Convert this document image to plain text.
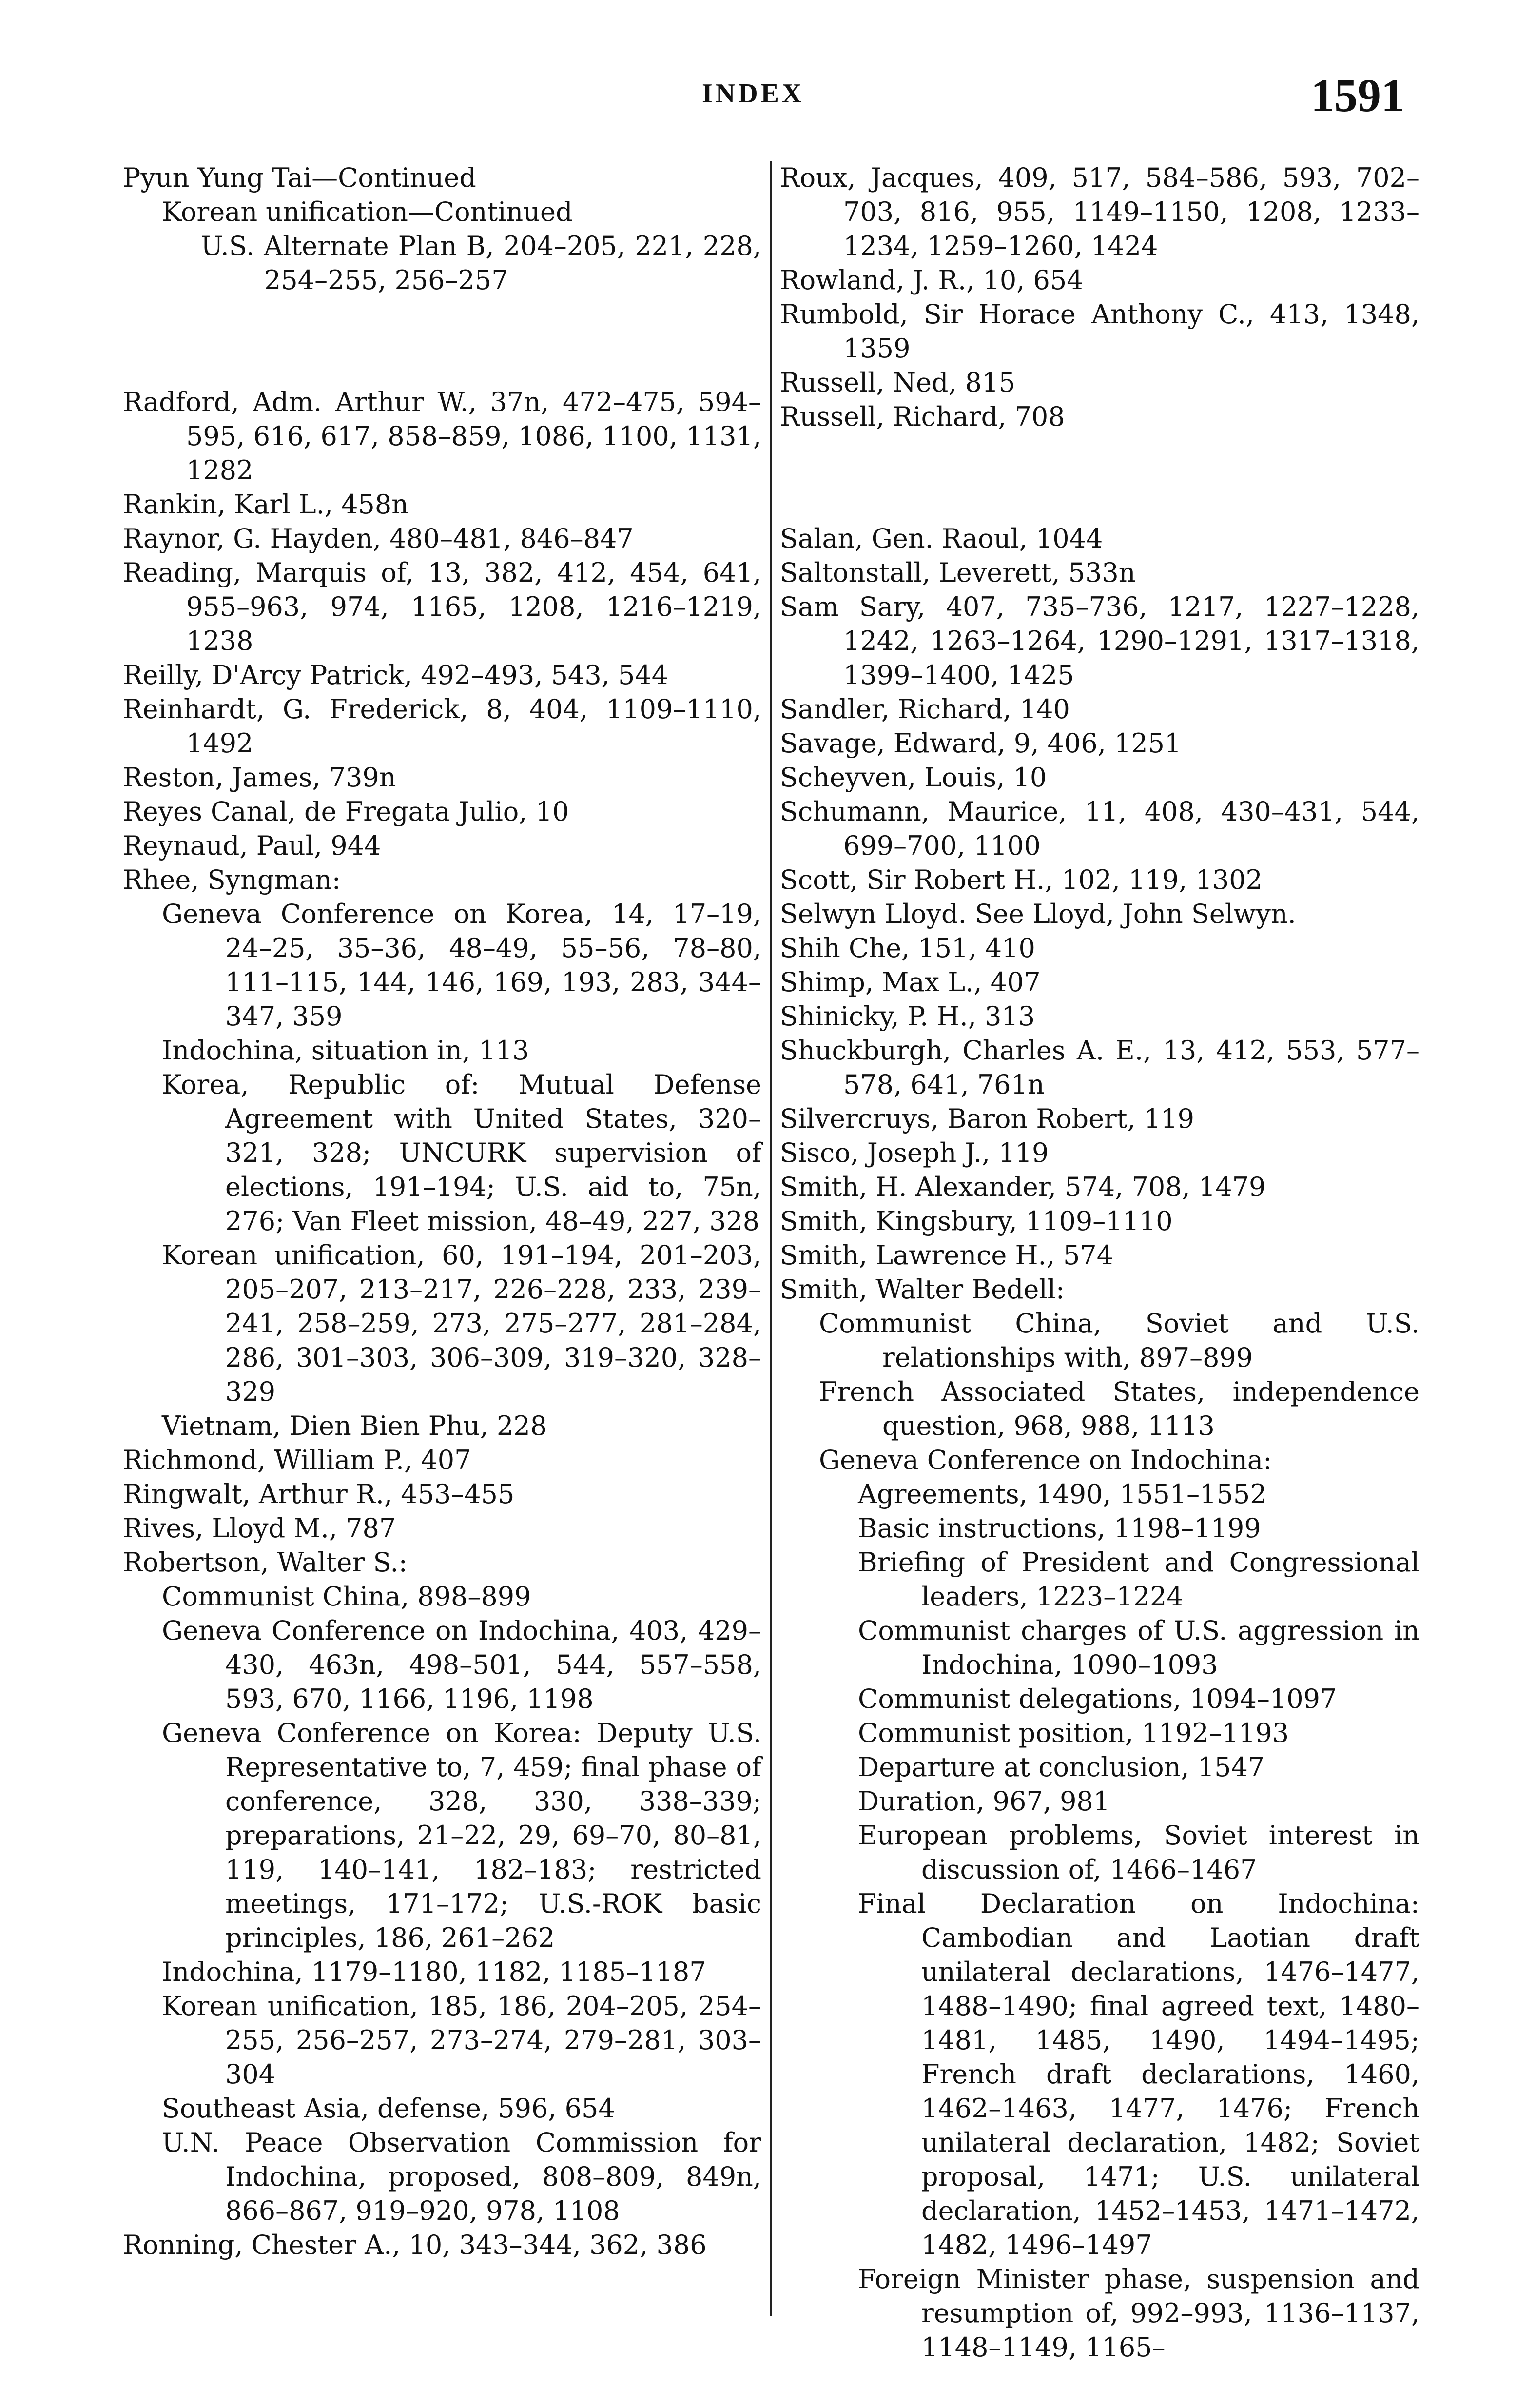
INDEX	1591

Pyun Yung Tai—Continued

Korean unification—Continued

U.S. Alternate Plan B, 204–205, 221, 228, 254–255, 256–257

Radford, Adm. Arthur W., 37n, 472–475, 594–595, 616, 617, 858–859, 1086, 1100, 1131, 1282

Rankin, Karl L., 458n

Raynor, G. Hayden, 480–481, 846–847

Reading, Marquis of, 13, 382, 412, 454, 641, 955–963, 974, 1165, 1208, 1216–1219, 1238

Reilly, D'Arcy Patrick, 492–493, 543, 544

Reinhardt, G. Frederick, 8, 404, 1109–1110, 1492

Reston, James, 739n

Reyes Canal, de Fregata Julio, 10

Reynaud, Paul, 944

Rhee, Syngman:

Geneva Conference on Korea, 14, 17–19, 24–25, 35–36, 48–49, 55–56, 78–80, 111–115, 144, 146, 169, 193, 283, 344–347, 359

Indochina, situation in, 113

Korea, Republic of: Mutual Defense Agreement with United States, 320–321, 328; UNCURK supervision of elections, 191–194; U.S. aid to, 75n, 276; Van Fleet mission, 48–49, 227, 328

Korean unification, 60, 191–194, 201–203, 205–207, 213–217, 226–228, 233, 239–241, 258–259, 273, 275–277, 281–284, 286, 301–303, 306–309, 319–320, 328–329

Vietnam, Dien Bien Phu, 228

Richmond, William P., 407

Ringwalt, Arthur R., 453–455

Rives, Lloyd M., 787

Robertson, Walter S.:

Communist China, 898–899

Geneva Conference on Indochina, 403, 429–430, 463n, 498–501, 544, 557–558, 593, 670, 1166, 1196, 1198

Geneva Conference on Korea: Deputy U.S. Representative to, 7, 459; final phase of conference, 328, 330, 338–339; preparations, 21–22, 29, 69–70, 80–81, 119, 140–141, 182–183; restricted meetings, 171–172; U.S.-ROK basic principles, 186, 261–262

Indochina, 1179–1180, 1182, 1185–1187

Korean unification, 185, 186, 204–205, 254–255, 256–257, 273–274, 279–281, 303–304

Southeast Asia, defense, 596, 654

U.N. Peace Observation Commission for Indochina, proposed, 808–809, 849n, 866–867, 919–920, 978, 1108

Ronning, Chester A., 10, 343–344, 362, 386

Roux, Jacques, 409, 517, 584–586, 593, 702–703, 816, 955, 1149–1150, 1208, 1233–1234, 1259–1260, 1424

Rowland, J. R., 10, 654

Rumbold, Sir Horace Anthony C., 413, 1348, 1359

Russell, Ned, 815

Russell, Richard, 708

Salan, Gen. Raoul, 1044

Saltonstall, Leverett, 533n

Sam Sary, 407, 735–736, 1217, 1227–1228, 1242, 1263–1264, 1290–1291, 1317–1318, 1399–1400, 1425

Sandler, Richard, 140

Savage, Edward, 9, 406, 1251

Scheyven, Louis, 10

Schumann, Maurice, 11, 408, 430–431, 544, 699–700, 1100

Scott, Sir Robert H., 102, 119, 1302

Selwyn Lloyd. See Lloyd, John Selwyn.

Shih Che, 151, 410

Shimp, Max L., 407

Shinicky, P. H., 313

Shuckburgh, Charles A. E., 13, 412, 553, 577–578, 641, 761n

Silvercruys, Baron Robert, 119

Sisco, Joseph J., 119

Smith, H. Alexander, 574, 708, 1479

Smith, Kingsbury, 1109–1110

Smith, Lawrence H., 574

Smith, Walter Bedell:

Communist China, Soviet and U.S. relationships with, 897–899

French Associated States, independence question, 968, 988, 1113

Geneva Conference on Indochina:

Agreements, 1490, 1551–1552

Basic instructions, 1198–1199

Briefing of President and Congressional leaders, 1223–1224

Communist charges of U.S. aggression in Indochina, 1090–1093

Communist delegations, 1094–1097

Communist position, 1192–1193

Departure at conclusion, 1547

Duration, 967, 981

European problems, Soviet interest in discussion of, 1466–1467

Final Declaration on Indochina: Cambodian and Laotian draft unilateral declarations, 1476–1477, 1488–1490; final agreed text, 1480–1481, 1485, 1490, 1494–1495; French draft declarations, 1460, 1462–1463, 1477, 1476; French unilateral declaration, 1482; Soviet proposal, 1471; U.S. unilateral declaration, 1452–1453, 1471–1472, 1482, 1496–1497

Foreign Minister phase, suspension and resumption of, 992–993, 1136–1137, 1148–1149, 1165–
